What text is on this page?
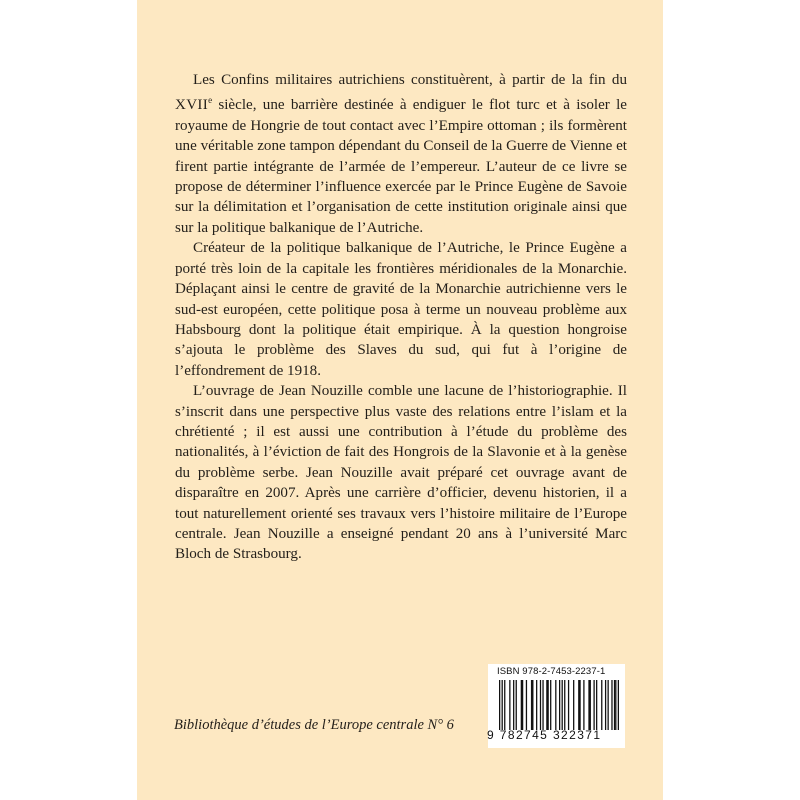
Les Confins militaires autrichiens constituèrent, à partir de la fin du XVIIe siècle, une barrière destinée à endiguer le flot turc et à isoler le royaume de Hongrie de tout contact avec l’Empire ottoman ; ils formèrent une véritable zone tampon dépendant du Conseil de la Guerre de Vienne et firent partie intégrante de l’armée de l’empereur. L’auteur de ce livre se propose de déterminer l’influence exercée par le Prince Eugène de Savoie sur la délimitation et l’organisation de cette institution originale ainsi que sur la politique balkanique de l’Autriche.

Créateur de la politique balkanique de l’Autriche, le Prince Eugène a porté très loin de la capitale les frontières méridionales de la Monarchie. Déplaçant ainsi le centre de gravité de la Monarchie autrichienne vers le sud-est européen, cette politique posa à terme un nouveau problème aux Habsbourg dont la politique était empirique. À la question hongroise s’ajouta le problème des Slaves du sud, qui fut à l’origine de l’effondrement de 1918.

L’ouvrage de Jean Nouzille comble une lacune de l’historiographie. Il s’inscrit dans une perspective plus vaste des relations entre l’islam et la chrétienté ; il est aussi une contribution à l’étude du problème des nationalités, à l’éviction de fait des Hongrois de la Slavonie et à la genèse du problème serbe. Jean Nouzille avait préparé cet ouvrage avant de disparaître en 2007. Après une carrière d’officier, devenu historien, il a tout naturellement orienté ses travaux vers l’histoire militaire de l’Europe centrale. Jean Nouzille a enseigné pendant 20 ans à l’université Marc Bloch de Strasbourg.

Bibliothèque d’études de l’Europe centrale N° 6
ISBN 978-2-7453-2237-1
9 782745 322371
